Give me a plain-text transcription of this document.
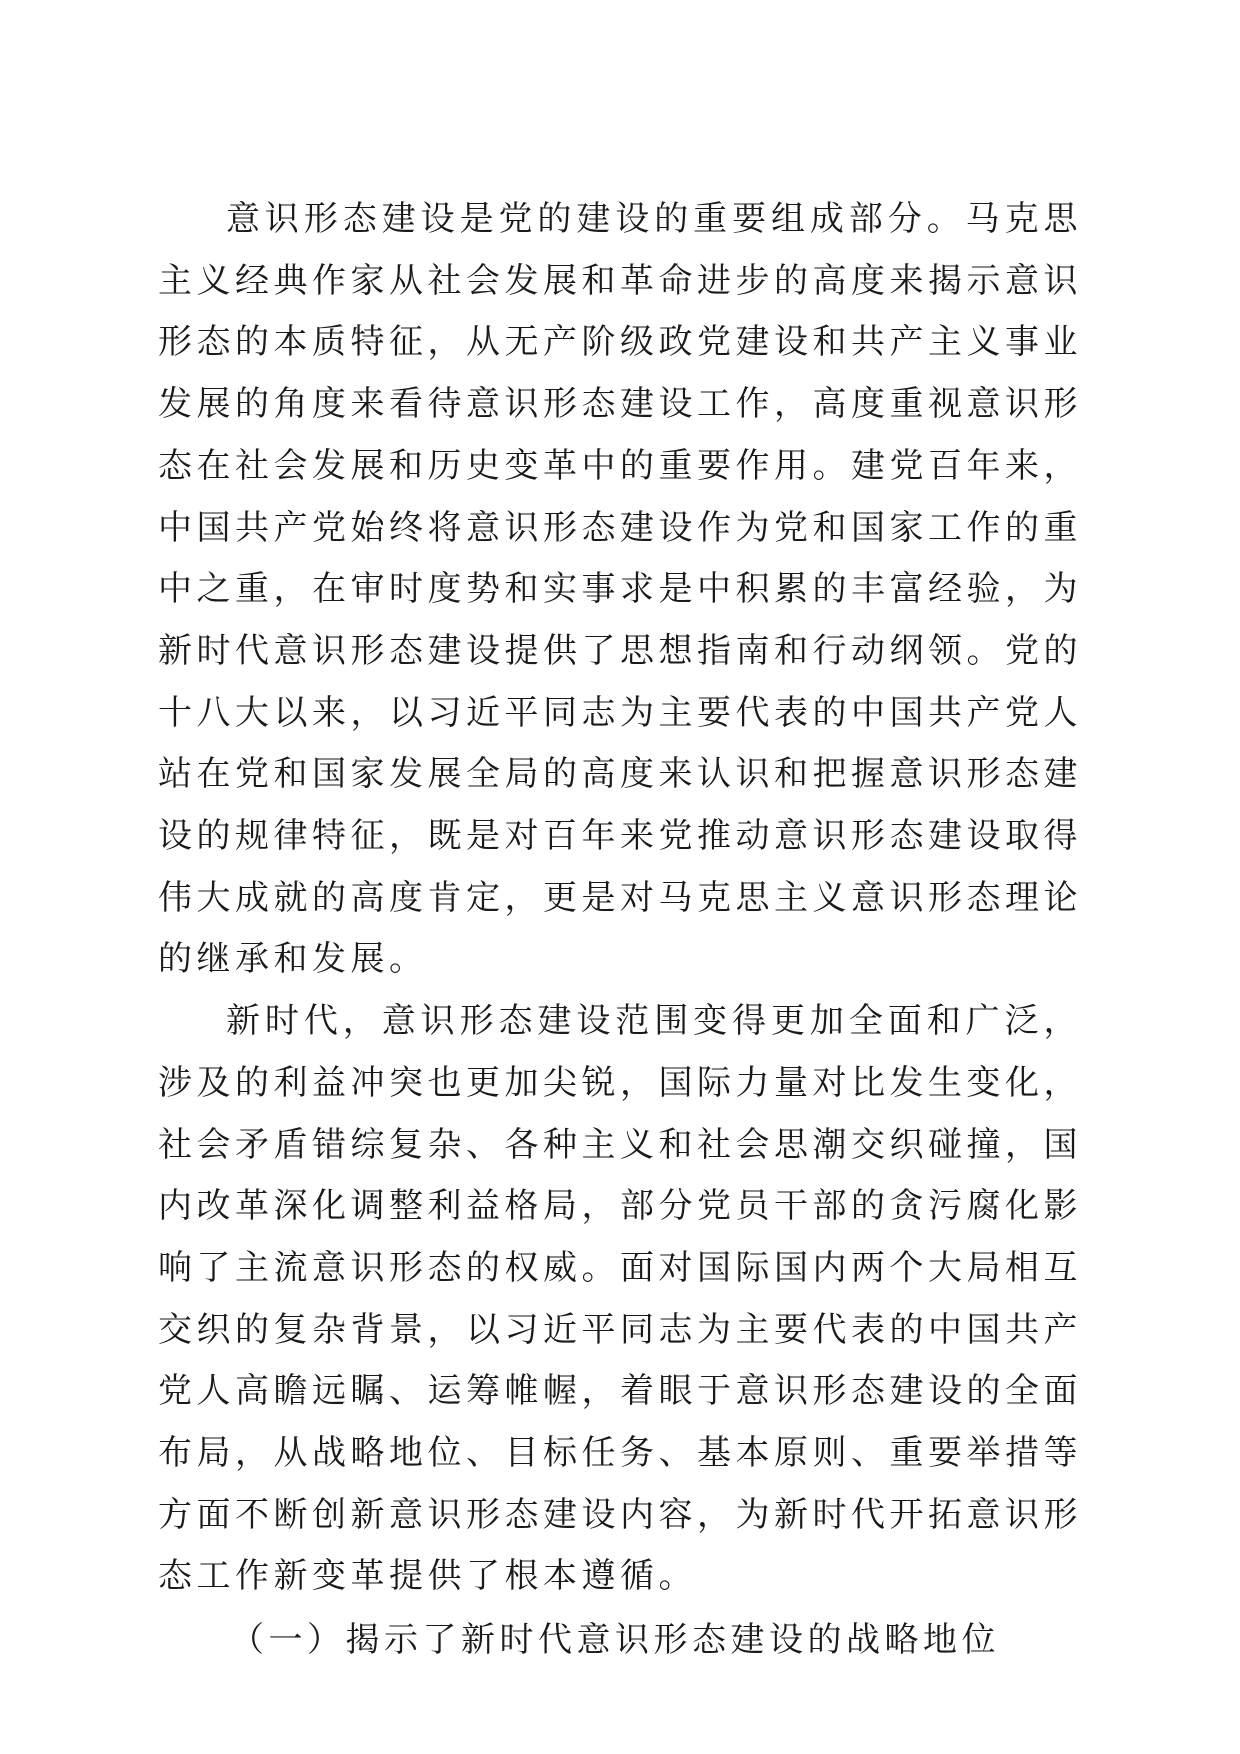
意识形态建设是党的建设的重要组成部分。马克思主义经典作家从社会发展和革命进步的高度来揭示意识形态的本质特征，从无产阶级政党建设和共产主义事业发展的角度来看待意识形态建设工作，高度重视意识形态在社会发展和历史变革中的重要作用。建党百年来，中国共产党始终将意识形态建设作为党和国家工作的重中之重，在审时度势和实事求是中积累的丰富经验，为新时代意识形态建设提供了思想指南和行动纲领。党的十八大以来，以习近平同志为主要代表的中国共产党人站在党和国家发展全局的高度来认识和把握意识形态建设的规律特征，既是对百年来党推动意识形态建设取得伟大成就的高度肯定，更是对马克思主义意识形态理论的继承和发展。

新时代，意识形态建设范围变得更加全面和广泛，涉及的利益冲突也更加尖锐，国际力量对比发生变化，社会矛盾错综复杂、各种主义和社会思潮交织碰撞，国内改革深化调整利益格局，部分党员干部的贪污腐化影响了主流意识形态的权威。面对国际国内两个大局相互交织的复杂背景，以习近平同志为主要代表的中国共产党人高瞻远瞩、运筹帷幄，着眼于意识形态建设的全面布局，从战略地位、目标任务、基本原则、重要举措等方面不断创新意识形态建设内容，为新时代开拓意识形态工作新变革提供了根本遵循。

（一）揭示了新时代意识形态建设的战略地位
